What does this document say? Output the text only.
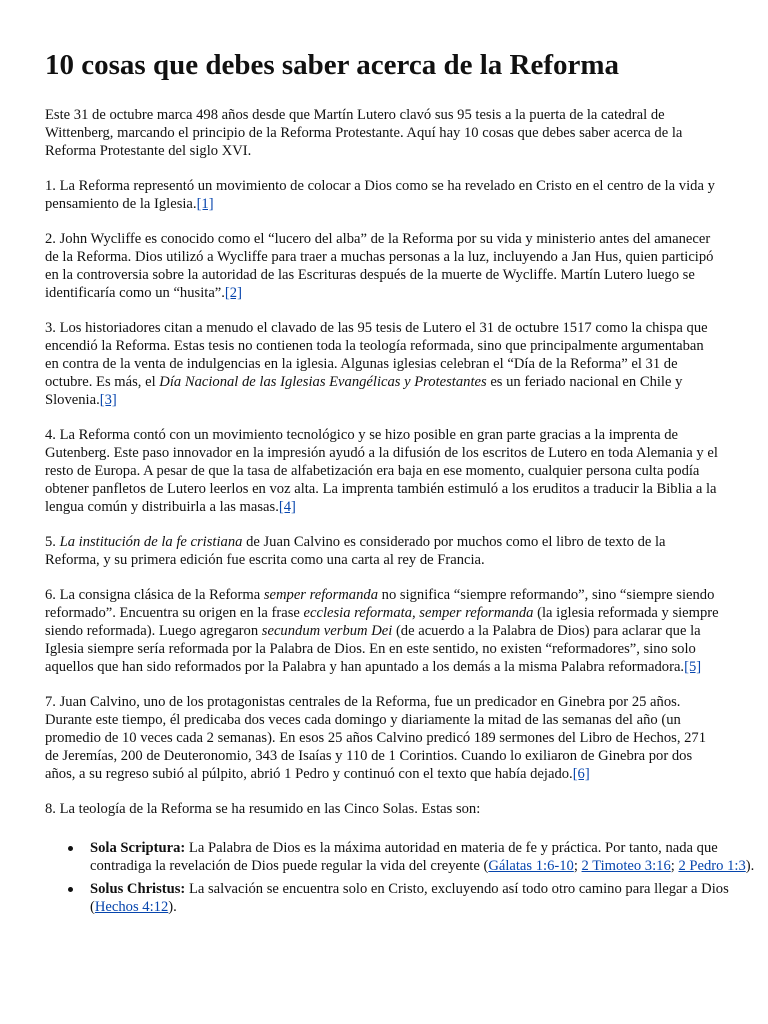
10 cosas que debes saber acerca de la Reforma

Este 31 de octubre marca 498 años desde que Martín Lutero clavó sus 95 tesis a la puerta de la catedral de Wittenberg, marcando el principio de la Reforma Protestante. Aquí hay 10 cosas que debes saber acerca de la Reforma Protestante del siglo XVI.

1. La Reforma representó un movimiento de colocar a Dios como se ha revelado en Cristo en el centro de la vida y pensamiento de la Iglesia.[1]

2. John Wycliffe es conocido como el “lucero del alba” de la Reforma por su vida y ministerio antes del amanecer de la Reforma. Dios utilizó a Wycliffe para traer a muchas personas a la luz, incluyendo a Jan Hus, quien participó en la controversia sobre la autoridad de las Escrituras después de la muerte de Wycliffe. Martín Lutero luego se identificaría como un “husita”.[2]

3. Los historiadores citan a menudo el clavado de las 95 tesis de Lutero el 31 de octubre 1517 como la chispa que encendió la Reforma. Estas tesis no contienen toda la teología reformada, sino que principalmente argumentaban en contra de la venta de indulgencias en la iglesia. Algunas iglesias celebran el “Día de la Reforma” el 31 de octubre. Es más, el Día Nacional de las Iglesias Evangélicas y Protestantes es un feriado nacional en Chile y Slovenia.[3]

4. La Reforma contó con un movimiento tecnológico y se hizo posible en gran parte gracias a la imprenta de Gutenberg. Este paso innovador en la impresión ayudó a la difusión de los escritos de Lutero en toda Alemania y el resto de Europa. A pesar de que la tasa de alfabetización era baja en ese momento, cualquier persona culta podía obtener panfletos de Lutero leerlos en voz alta. La imprenta también estimuló a los eruditos a traducir la Biblia a la lengua común y distribuirla a las masas.[4]

5. La institución de la fe cristiana de Juan Calvino es considerado por muchos como el libro de texto de la Reforma, y su primera edición fue escrita como una carta al rey de Francia.

6. La consigna clásica de la Reforma semper reformanda no significa “siempre reformando”, sino “siempre siendo reformado”. Encuentra su origen en la frase ecclesia reformata, semper reformanda (la iglesia reformada y siempre siendo reformada). Luego agregaron secundum verbum Dei (de acuerdo a la Palabra de Dios) para aclarar que la Iglesia siempre sería reformada por la Palabra de Dios. En en este sentido, no existen “reformadores”, sino solo aquellos que han sido reformados por la Palabra y han apuntado a los demás a la misma Palabra reformadora.[5]

7. Juan Calvino, uno de los protagonistas centrales de la Reforma, fue un predicador en Ginebra por 25 años. Durante este tiempo, él predicaba dos veces cada domingo y diariamente la mitad de las semanas del año (un promedio de 10 veces cada 2 semanas). En esos 25 años Calvino predicó 189 sermones del Libro de Hechos, 271 de Jeremías, 200 de Deuteronomio, 343 de Isaías y 110 de 1 Corintios. Cuando lo exiliaron de Ginebra por dos años, a su regreso subió al púlpito, abrió 1 Pedro y continuó con el texto que había dejado.[6]

8. La teología de la Reforma se ha resumido en las Cinco Solas. Estas son:

Sola Scriptura: La Palabra de Dios es la máxima autoridad en materia de fe y práctica. Por tanto, nada que contradiga la revelación de Dios puede regular la vida del creyente (Gálatas 1:6-10; 2 Timoteo 3:16; 2 Pedro 1:3).
Solus Christus: La salvación se encuentra solo en Cristo, excluyendo así todo otro camino para llegar a Dios (Hechos 4:12).
